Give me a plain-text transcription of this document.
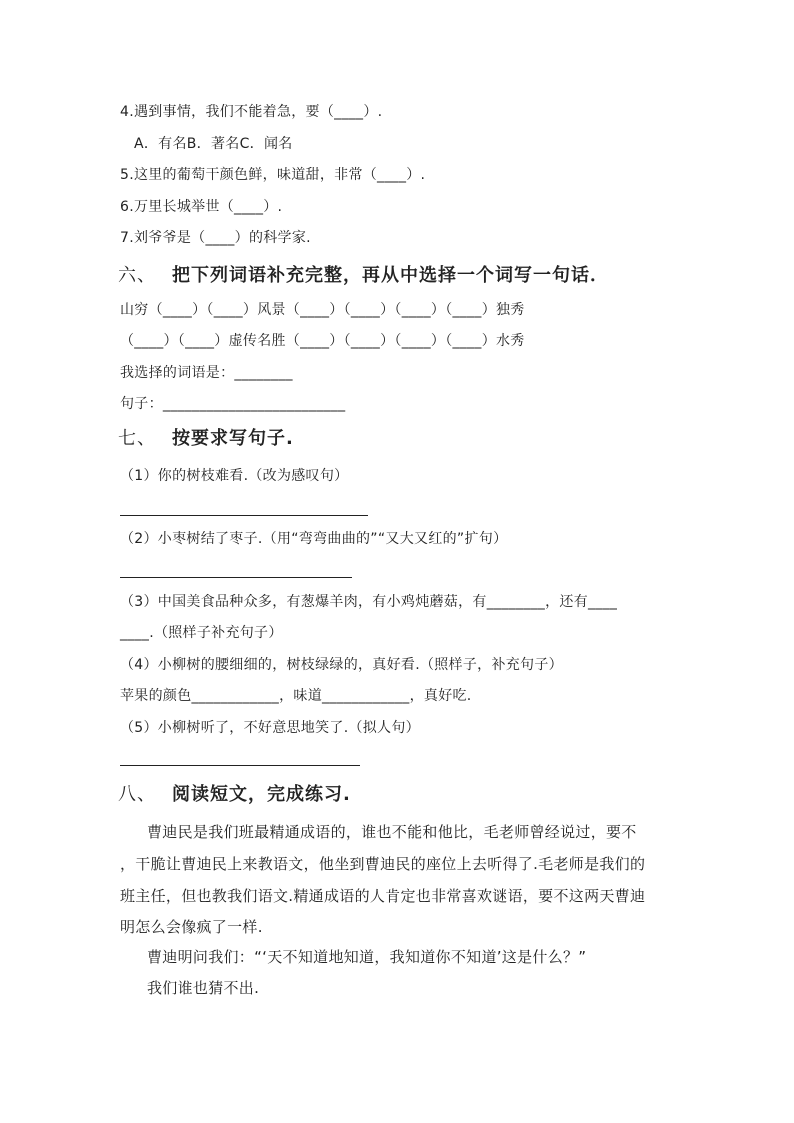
4.遇到事情，我们不能着急，要（____）.
A．有名B．著名C．闻名
5.这里的葡萄干颜色鲜，味道甜，非常（____）.
6.万里长城举世（____）.
7.刘爷爷是（____）的科学家.
六、 把下列词语补充完整，再从中选择一个词写一句话．
山穷（____）（____）风景（____）（____）（____）（____）独秀
（____）（____）虚传名胜（____）（____）（____）（____）水秀
我选择的词语是：________
句子：_________________________
七、 按要求写句子.
（1）你的树枝难看.（改为感叹句）
（2）小枣树结了枣子.（用“弯弯曲曲的”“又大又红的”扩句）
（3）中国美食品种众多，有葱爆羊肉，有小鸡炖蘑菇，有________，还有____
____.（照样子补充句子）
（4）小柳树的腰细细的，树枝绿绿的，真好看.（照样子，补充句子）
苹果的颜色____________，味道____________，真好吃.
（5）小柳树听了，不好意思地笑了.（拟人句）
八、 阅读短文，完成练习.
曹迪民是我们班最精通成语的，谁也不能和他比，毛老师曾经说过，要不
，干脆让曹迪民上来教语文，他坐到曹迪民的座位上去听得了.毛老师是我们的
班主任，但也教我们语文.精通成语的人肯定也非常喜欢谜语，要不这两天曹迪
明怎么会像疯了一样.
曹迪明问我们：“‘天不知道地知道，我知道你不知道’这是什么？”
我们谁也猜不出.
